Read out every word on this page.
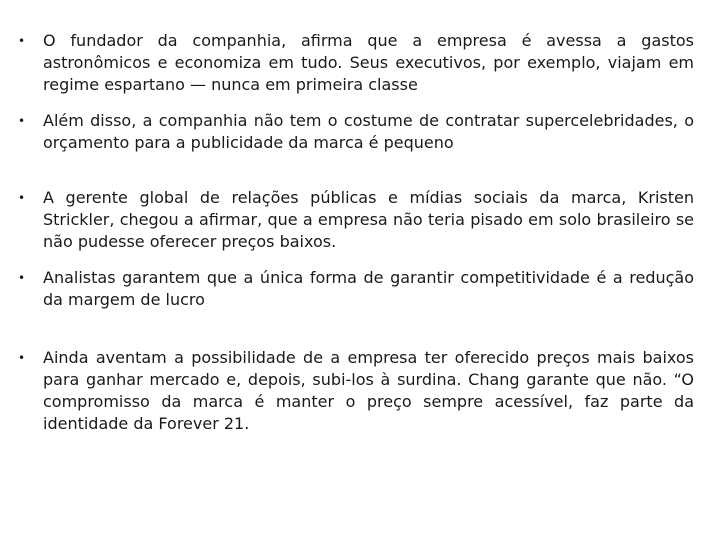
•	O fundador da companhia, afirma que a empresa é avessa a gastos astronômicos e economiza em tudo. Seus executivos, por exemplo, viajam em regime espartano — nunca em primeira classe
•	Além disso, a companhia não tem o costume de contratar supercelebridades, o orçamento para a publicidade da marca é pequeno
•	A gerente global de relações públicas e mídias sociais da marca, Kristen Strickler, chegou a afirmar, que a empresa não teria pisado em solo brasileiro se não pudesse oferecer preços baixos.
•	Analistas garantem que a única forma de garantir competitividade é a redução da margem de lucro
•	Ainda aventam a possibilidade de a empresa ter oferecido preços mais baixos para ganhar mercado e, depois, subi-los à surdina. Chang garante que não. “O compromisso da marca é manter o preço sempre acessível, faz parte da identidade da Forever 21.
